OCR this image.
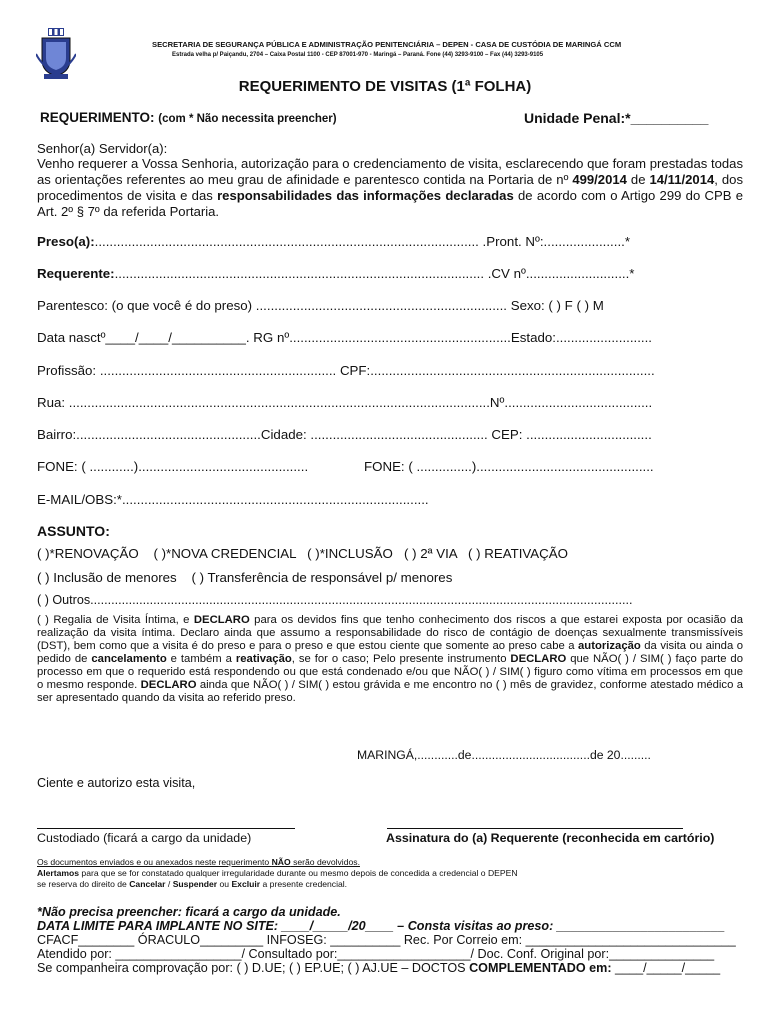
SECRETARIA DE SEGURANÇA PÚBLICA E ADMINISTRAÇÃO PENITENCIÁRIA – DEPEN - CASA DE CUSTÓDIA DE MARINGÁ CCM
Estrada velha p/ Paiçandu, 2704 – Caixa Postal 1100 - CEP 87001-970 - Maringá – Paraná. Fone (44) 3293-9100 – Fax (44) 3293-9105
REQUERIMENTO DE VISITAS (1ª FOLHA)
REQUERIMENTO: (com * Não necessita preencher)	Unidade Penal:*__________
Senhor(a) Servidor(a):
Venho requerer a Vossa Senhoria, autorização para o credenciamento de visita, esclarecendo que foram prestadas todas as orientações referentes ao meu grau de afinidade e parentesco contida na Portaria de nº 499/2014 de 14/11/2014, dos procedimentos de visita e das responsabilidades das informações declaradas de acordo com o Artigo 299 do CPB e Art. 2º § 7º da referida Portaria.
Preso(a):........................................................................................................ .Pront. Nº:......................*
Requerente:.................................................................................................... .CV nº............................*
Parentesco: (o que você é do preso) .................................................................... Sexo: ( ) F ( ) M
Data nasctº____/____/__________. RG nº............................................................Estado:..........................
Profissão: ................................................................ CPF:.............................................................................
Rua: ..................................................................................................................Nº........................................
Bairro:..................................................Cidade: ................................................ CEP: ..................................
FONE: ( ............)..............................................	FONE: ( ...............)................................................
E-MAIL/OBS:*...................................................................................
ASSUNTO:
( )*RENOVAÇÃO    ( )*NOVA CREDENCIAL   ( )*INCLUSÃO   ( ) 2ª VIA   ( ) REATIVAÇÃO
( ) Inclusão de menores    ( ) Transferência de responsável p/ menores
( ) Outros...........................................................................................................................................................
( ) Regalia de Visita Íntima, e DECLARO para os devidos fins que tenho conhecimento dos riscos a que estarei exposta por ocasião da realização da visita íntima. Declaro ainda que assumo a responsabilidade do risco de contágio de doenças sexualmente transmissíveis (DST), bem como que a visita é do preso e para o preso e que estou ciente que somente ao preso cabe a autorização da visita ou ainda o pedido de cancelamento e também a reativação, se for o caso; Pelo presente instrumento DECLARO que NÃO( ) / SIM( ) faço parte do processo em que o requerido está respondendo ou que está condenado e/ou que NÃO( ) / SIM( ) figuro como vítima em processos em que o mesmo responde. DECLARO ainda que NÃO( ) / SIM( ) estou grávida e me encontro no ( ) mês de gravidez, conforme atestado médico a ser apresentado quando da visita ao referido preso.
MARINGÁ,............de...................................de 20.........
Ciente e autorizo esta visita,
Custodiado (ficará a cargo da unidade)	Assinatura do (a) Requerente (reconhecida em cartório)
Os documentos enviados e ou anexados neste requerimento NÃO serão devolvidos.
Alertamos para que se for constatado qualquer irregularidade durante ou mesmo depois de concedida a credencial o DEPEN
se reserva do direito de Cancelar / Suspender ou Excluir a presente credencial.
*Não precisa preencher: ficará a cargo da unidade.
DATA LIMITE PARA IMPLANTE NO SITE: ____/_____/20____ – Consta visitas ao preso: ________________________
CFACF________ ÓRACULO_________ INFOSEG: __________ Rec. Por Correio em: ______________________________
Atendido por: __________________/ Consultado por:___________________/ Doc. Conf. Original por:_______________
Se companheira comprovação por: ( ) D.UE; ( ) EP.UE; ( ) AJ.UE – DOCTOS COMPLEMENTADO em: ____/_____/_____
